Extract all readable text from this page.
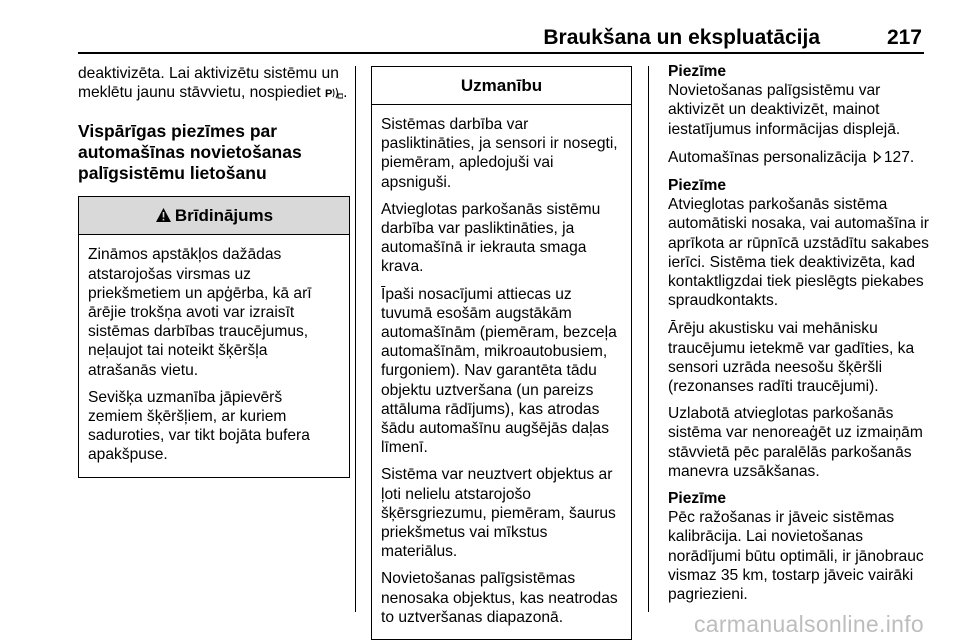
Braukšana un ekspluatācija	217

deaktivizēta. Lai aktivizētu sistēmu un meklētu jaunu stāvvietu, nospiediet P .

Vispārīgas piezīmes par automašīnas novietošanas palīgsistēmu lietošanu
Brīdinājums

Zināmos apstākļos dažādas atstarojošas virsmas uz priekšmetiem un apģērba, kā arī ārējie trokšņa avoti var izraisīt sistēmas darbības traucējumus, neļaujot tai noteikt šķēršļa atrašanās vietu.

Sevišķa uzmanība jāpievērš zemiem šķēršļiem, ar kuriem saduroties, var tikt bojāta bufera apakšpuse.

Uzmanību

Sistēmas darbība var pasliktināties, ja sensori ir nosegti, piemēram, apledojuši vai apsniguši.

Atvieglotas parkošanās sistēmu darbība var pasliktināties, ja automašīnā ir iekrauta smaga krava.

Īpaši nosacījumi attiecas uz tuvumā esošām augstākām automašīnām (piemēram, bezceļa automašīnām, mikroautobusiem, furgoniem). Nav garantēta tādu objektu uztveršana (un pareizs attāluma rādījums), kas atrodas šādu automašīnu augšējās daļas līmenī.

Sistēma var neuztvert objektus ar ļoti nelielu atstarojošo šķērsgriezumu, piemēram, šaurus priekšmetus vai mīkstus materiālus.

Novietošanas palīgsistēmas nenosaka objektus, kas neatrodas to uztveršanas diapazonā.

Piezīme
Novietošanas palīgsistēmu var aktivizēt un deaktivizēt, mainot iestatījumus informācijas displejā.

Automašīnas personalizācija 127.

Piezīme
Atvieglotas parkošanās sistēma automātiski nosaka, vai automašīna ir aprīkota ar rūpnīcā uzstādītu sakabes ierīci. Sistēma tiek deaktivizēta, kad kontaktligzdai tiek pieslēgts piekabes spraudkontakts.

Ārēju akustisku vai mehānisku traucējumu ietekmē var gadīties, ka sensori uzrāda neesošu šķēršli (rezonanses radīti traucējumi).

Uzlabotā atvieglotas parkošanās sistēma var nenoreaģēt uz izmaiņām stāvvietā pēc paralēlās parkošanās manevra uzsākšanas.

Piezīme
Pēc ražošanas ir jāveic sistēmas kalibrācija. Lai novietošanas norādījumi būtu optimāli, ir jānobrauc vismaz 35 km, tostarp jāveic vairāki pagriezieni.

carmanualsonline.info
